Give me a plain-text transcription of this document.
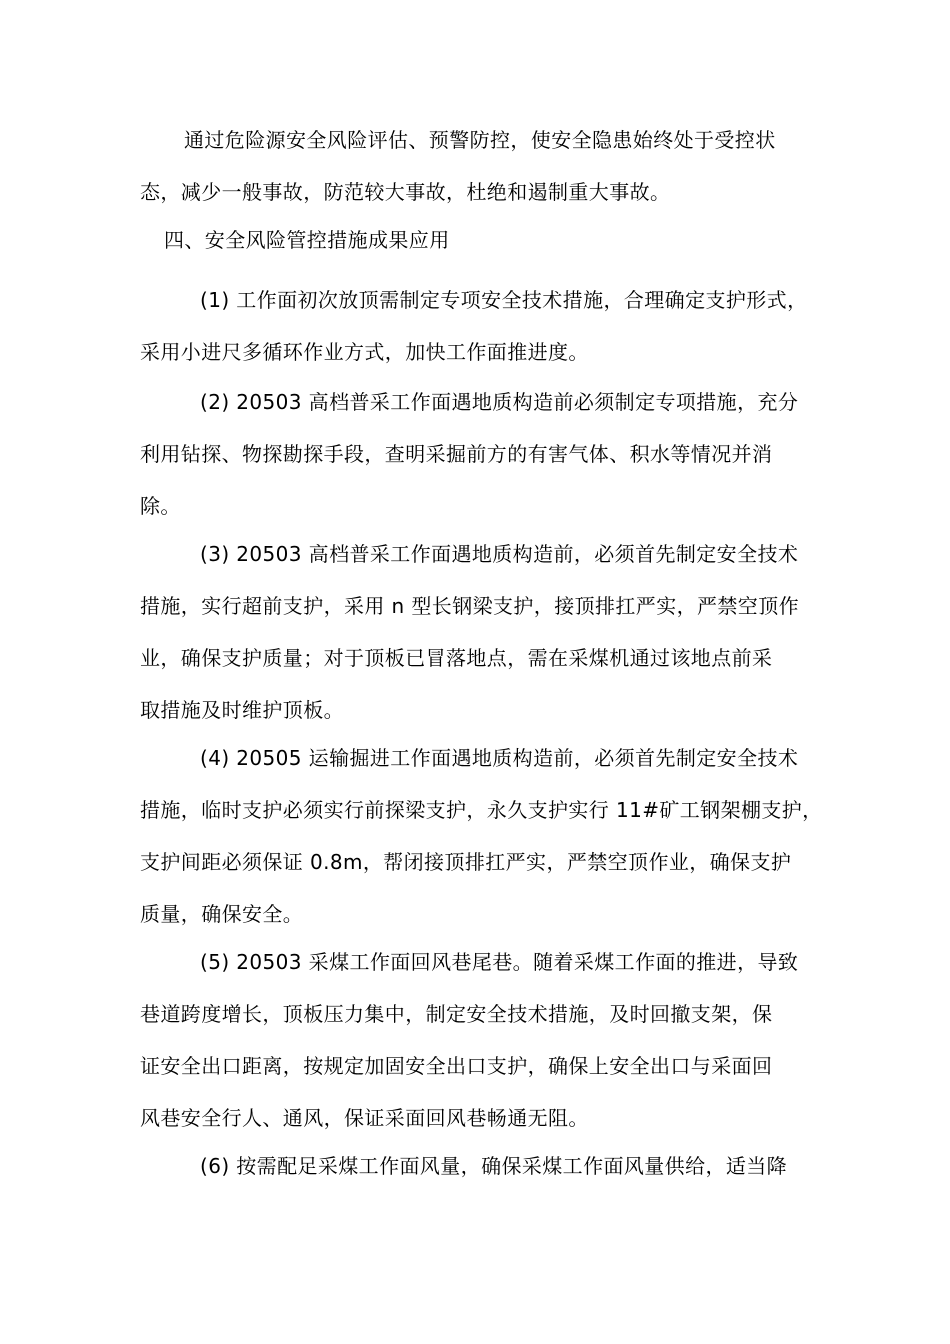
通过危险源安全风险评估、预警防控，使安全隐患始终处于受控状
态，减少一般事故，防范较大事故，杜绝和遏制重大事故。
四、安全风险管控措施成果应用
(1) 工作面初次放顶需制定专项安全技术措施，合理确定支护形式，
采用小进尺多循环作业方式，加快工作面推进度。
(2) 20503 高档普采工作面遇地质构造前必须制定专项措施，充分
利用钻探、物探勘探手段，查明采掘前方的有害气体、积水等情况并消
除。
(3) 20503 高档普采工作面遇地质构造前，必须首先制定安全技术
措施，实行超前支护，采用 n 型长钢梁支护，接顶排扛严实，严禁空顶作
业，确保支护质量；对于顶板已冒落地点，需在采煤机通过该地点前采
取措施及时维护顶板。
(4) 20505 运输掘进工作面遇地质构造前，必须首先制定安全技术
措施，临时支护必须实行前探梁支护，永久支护实行 11#矿工钢架棚支护，
支护间距必须保证 0.8m，帮闭接顶排扛严实，严禁空顶作业，确保支护
质量，确保安全。
(5) 20503 采煤工作面回风巷尾巷。随着采煤工作面的推进，导致
巷道跨度增长，顶板压力集中，制定安全技术措施，及时回撤支架，保
证安全出口距离，按规定加固安全出口支护，确保上安全出口与采面回
风巷安全行人、通风，保证采面回风巷畅通无阻。
(6) 按需配足采煤工作面风量，确保采煤工作面风量供给，适当降
